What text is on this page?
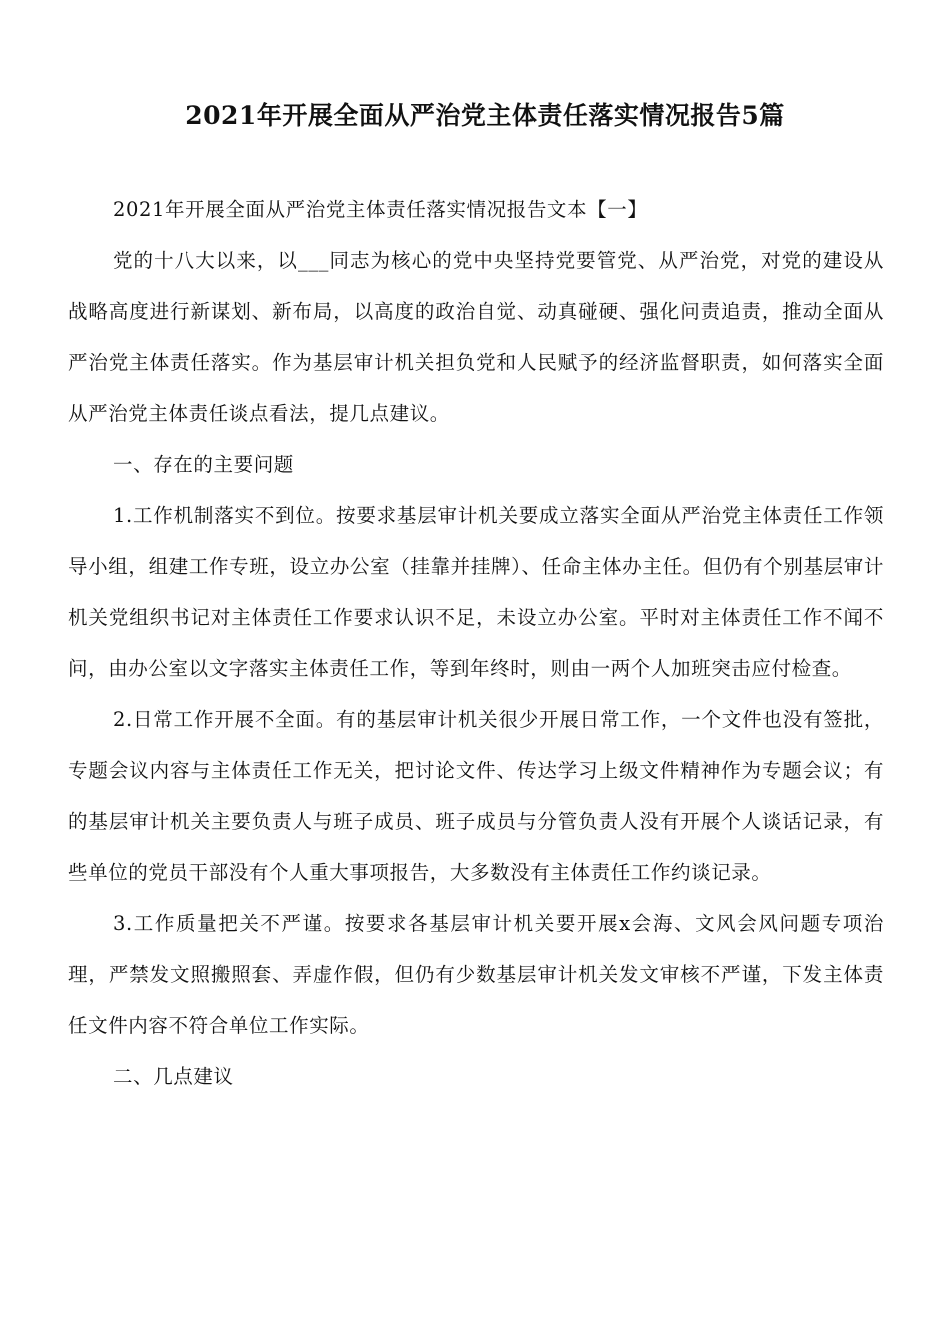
2021年开展全面从严治党主体责任落实情况报告5篇

2021年开展全面从严治党主体责任落实情况报告文本【一】

党的十八大以来，以___同志为核心的党中央坚持党要管党、从严治党，对党的建设从战略高度进行新谋划、新布局，以高度的政治自觉、动真碰硬、强化问责追责，推动全面从严治党主体责任落实。作为基层审计机关担负党和人民赋予的经济监督职责，如何落实全面从严治党主体责任谈点看法，提几点建议。

一、存在的主要问题

1.工作机制落实不到位。按要求基层审计机关要成立落实全面从严治党主体责任工作领导小组，组建工作专班，设立办公室（挂靠并挂牌）、任命主体办主任。但仍有个别基层审计机关党组织书记对主体责任工作要求认识不足，未设立办公室。平时对主体责任工作不闻不问，由办公室以文字落实主体责任工作，等到年终时，则由一两个人加班突击应付检查。

2.日常工作开展不全面。有的基层审计机关很少开展日常工作，一个文件也没有签批，专题会议内容与主体责任工作无关，把讨论文件、传达学习上级文件精神作为专题会议；有的基层审计机关主要负责人与班子成员、班子成员与分管负责人没有开展个人谈话记录，有些单位的党员干部没有个人重大事项报告，大多数没有主体责任工作约谈记录。

3.工作质量把关不严谨。按要求各基层审计机关要开展x会海、文风会风问题专项治理，严禁发文照搬照套、弄虚作假，但仍有少数基层审计机关发文审核不严谨，下发主体责任文件内容不符合单位工作实际。

二、几点建议
